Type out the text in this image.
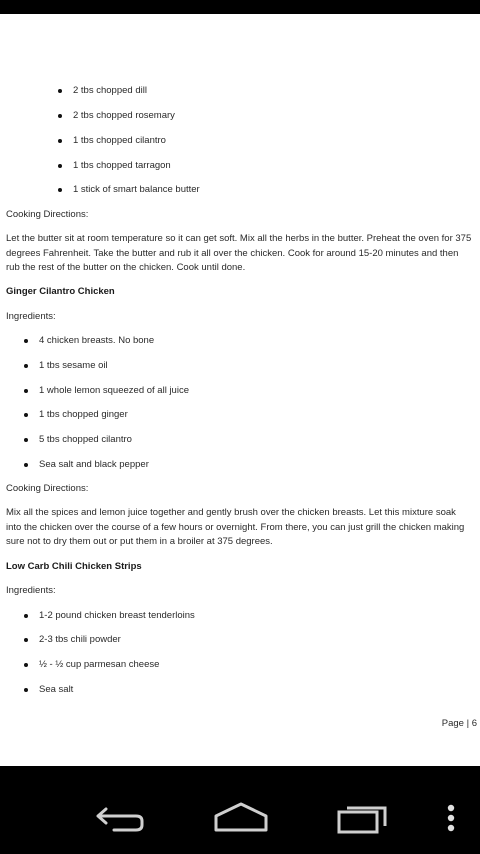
2 tbs chopped dill
2 tbs chopped rosemary
1 tbs chopped cilantro
1 tbs chopped tarragon
1 stick of smart balance butter
Cooking Directions:
Let the butter sit at room temperature so it can get soft. Mix all the herbs in the butter. Preheat the oven for 375 degrees Fahrenheit. Take the butter and rub it all over the chicken. Cook for around 15-20 minutes and then rub the rest of the butter on the chicken. Cook until done.
Ginger Cilantro Chicken
Ingredients:
4 chicken breasts. No bone
1 tbs sesame oil
1 whole lemon squeezed of all juice
1 tbs chopped ginger
5 tbs chopped cilantro
Sea salt and black pepper
Cooking Directions:
Mix all the spices and lemon juice together and gently brush over the chicken breasts. Let this mixture soak into the chicken over the course of a few hours or overnight. From there, you can just grill the chicken making sure not to dry them out or put them in a broiler at 375 degrees.
Low Carb Chili Chicken Strips
Ingredients:
1-2 pound chicken breast tenderloins
2-3 tbs chili powder
½ - ½ cup parmesan cheese
Sea salt
Page | 6
